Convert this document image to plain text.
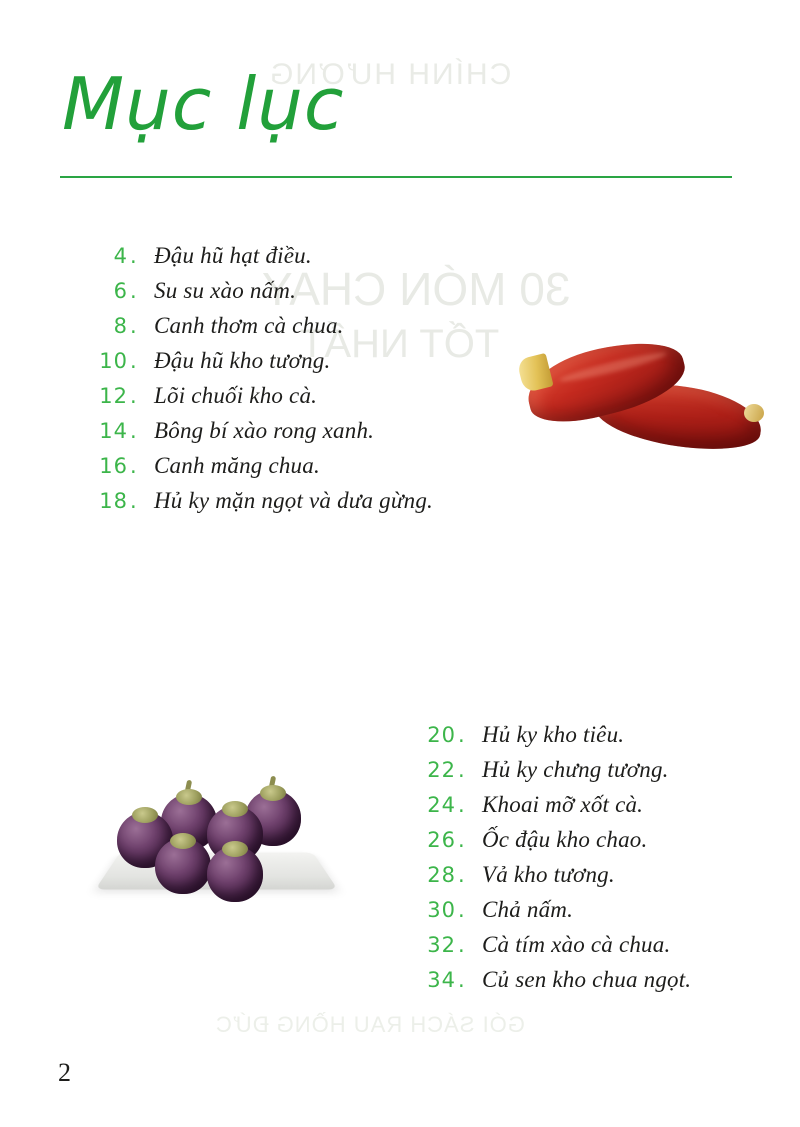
CHÍNH HƯƠNG
30 MÓN CHAY
TỐT NHẤT
GÓI SÁCH RAU HỒNG ĐỨC
Mục lục
4 . Đậu hũ hạt điều.
6 . Su su xào nấm.
8 . Canh thơm cà chua.
10 . Đậu hũ kho tương.
12 . Lõi chuối kho cà.
14 . Bông bí xào rong xanh.
16 . Canh măng chua.
18 . Hủ ky mặn ngọt và dưa gừng.
20 . Hủ ky kho tiêu.
22 . Hủ ky chưng tương.
24 . Khoai mỡ xốt cà.
26 . Ốc đậu kho chao.
28 . Vả kho tương.
30 . Chả nấm.
32 . Cà tím xào cà chua.
34 . Củ sen kho chua ngọt.
2
